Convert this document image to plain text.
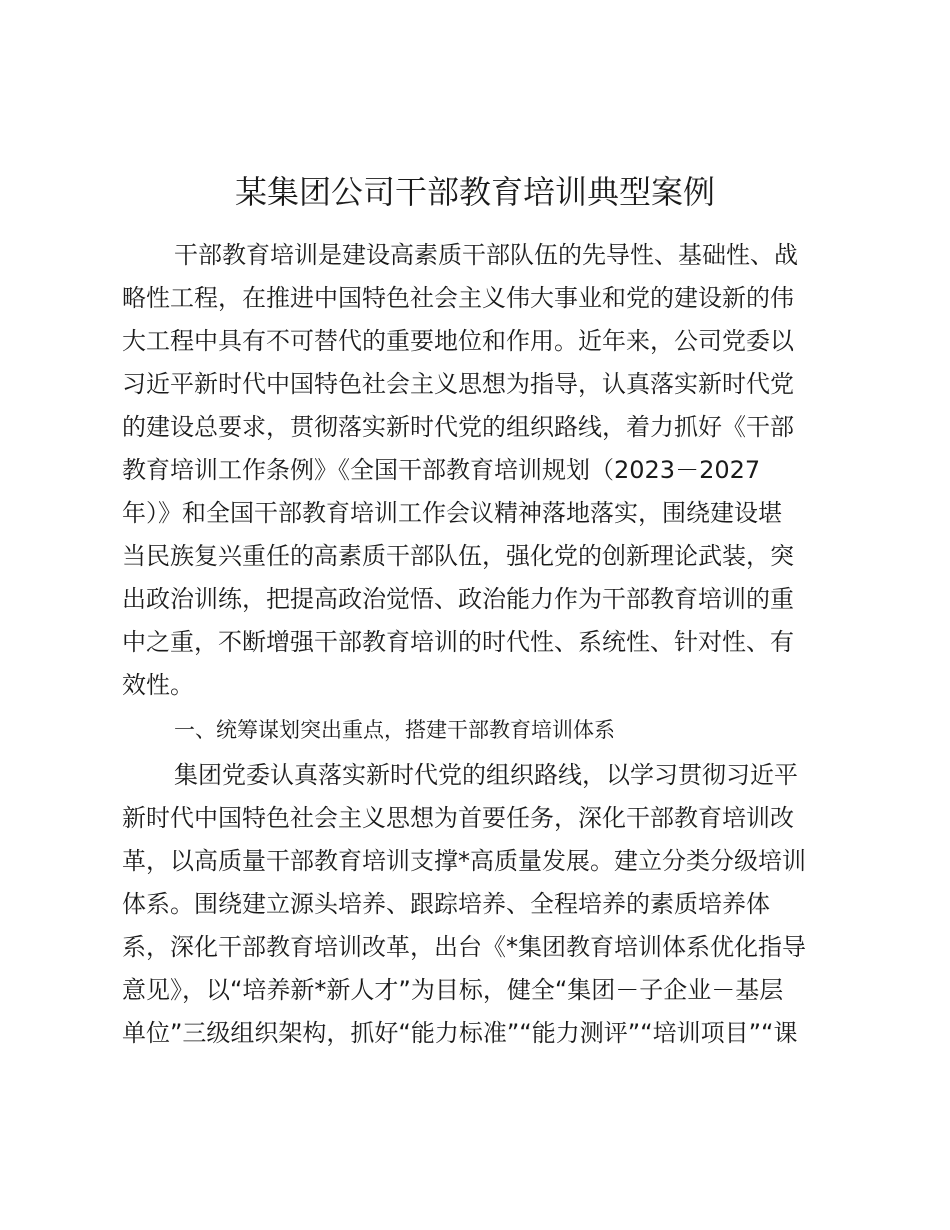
某集团公司干部教育培训典型案例
干部教育培训是建设高素质干部队伍的先导性、基础性、战
略性工程，在推进中国特色社会主义伟大事业和党的建设新的伟
大工程中具有不可替代的重要地位和作用。近年来，公司党委以
习近平新时代中国特色社会主义思想为指导，认真落实新时代党
的建设总要求，贯彻落实新时代党的组织路线，着力抓好《干部
教育培训工作条例》《全国干部教育培训规划（2023－2027
年）》和全国干部教育培训工作会议精神落地落实，围绕建设堪
当民族复兴重任的高素质干部队伍，强化党的创新理论武装，突
出政治训练，把提高政治觉悟、政治能力作为干部教育培训的重
中之重，不断增强干部教育培训的时代性、系统性、针对性、有
效性。
一、统筹谋划突出重点，搭建干部教育培训体系
集团党委认真落实新时代党的组织路线，以学习贯彻习近平
新时代中国特色社会主义思想为首要任务，深化干部教育培训改
革，以高质量干部教育培训支撑*高质量发展。建立分类分级培训
体系。围绕建立源头培养、跟踪培养、全程培养的素质培养体
系，深化干部教育培训改革，出台《*集团教育培训体系优化指导
意见》，以“培养新*新人才”为目标，健全“集团－子企业－基层
单位”三级组织架构，抓好“能力标准”“能力测评”“培训项目”“课
